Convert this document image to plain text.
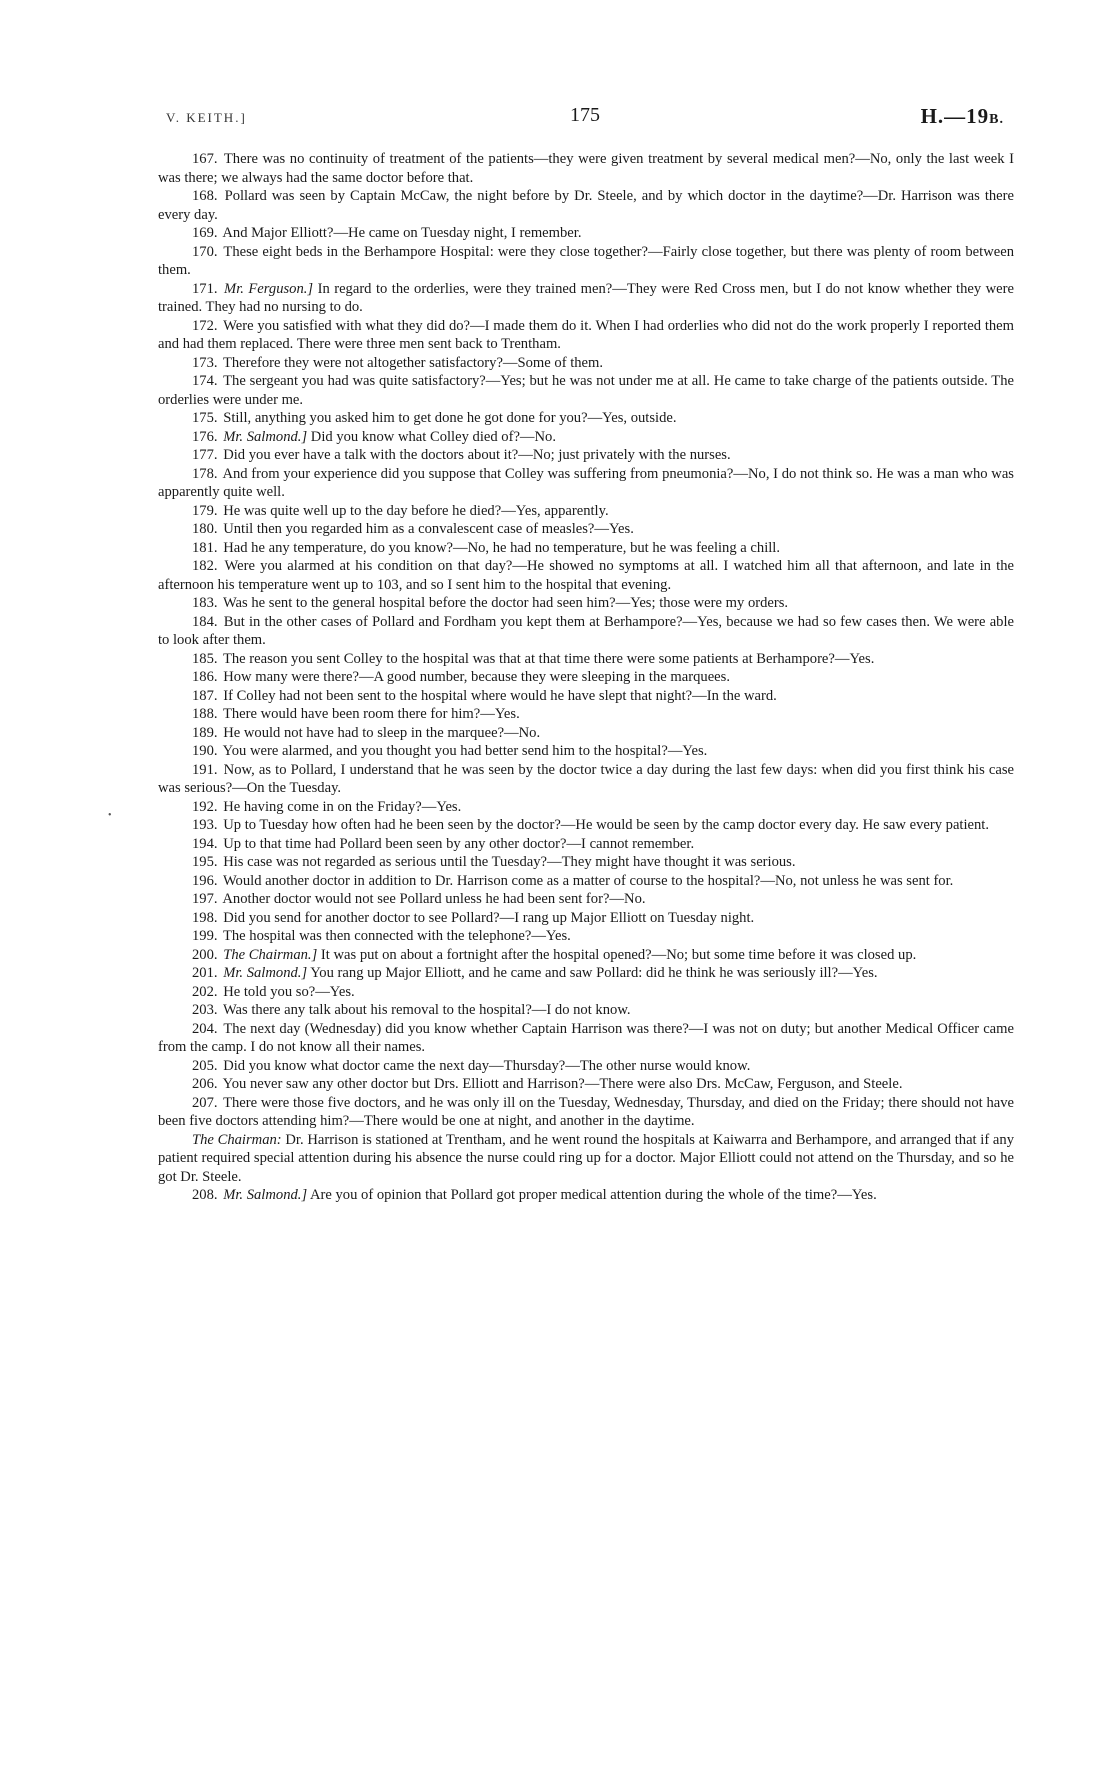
V. KEITH.]	175	H.—19B.
•

167. There was no continuity of treatment of the patients—they were given treatment by several medical men?—No, only the last week I was there; we always had the same doctor before that.

168. Pollard was seen by Captain McCaw, the night before by Dr. Steele, and by which doctor in the daytime?—Dr. Harrison was there every day.

169. And Major Elliott?—He came on Tuesday night, I remember.

170. These eight beds in the Berhampore Hospital: were they close together?—Fairly close together, but there was plenty of room between them.

171. Mr. Ferguson.] In regard to the orderlies, were they trained men?—They were Red Cross men, but I do not know whether they were trained. They had no nursing to do.

172. Were you satisfied with what they did do?—I made them do it. When I had orderlies who did not do the work properly I reported them and had them replaced. There were three men sent back to Trentham.

173. Therefore they were not altogether satisfactory?—Some of them.

174. The sergeant you had was quite satisfactory?—Yes; but he was not under me at all. He came to take charge of the patients outside. The orderlies were under me.

175. Still, anything you asked him to get done he got done for you?—Yes, outside.

176. Mr. Salmond.] Did you know what Colley died of?—No.

177. Did you ever have a talk with the doctors about it?—No; just privately with the nurses.

178. And from your experience did you suppose that Colley was suffering from pneumonia?—No, I do not think so. He was a man who was apparently quite well.

179. He was quite well up to the day before he died?—Yes, apparently.

180. Until then you regarded him as a convalescent case of measles?—Yes.

181. Had he any temperature, do you know?—No, he had no temperature, but he was feeling a chill.

182. Were you alarmed at his condition on that day?—He showed no symptoms at all. I watched him all that afternoon, and late in the afternoon his temperature went up to 103, and so I sent him to the hospital that evening.

183. Was he sent to the general hospital before the doctor had seen him?—Yes; those were my orders.

184. But in the other cases of Pollard and Fordham you kept them at Berhampore?—Yes, because we had so few cases then. We were able to look after them.

185. The reason you sent Colley to the hospital was that at that time there were some patients at Berhampore?—Yes.

186. How many were there?—A good number, because they were sleeping in the marquees.

187. If Colley had not been sent to the hospital where would he have slept that night?—In the ward.

188. There would have been room there for him?—Yes.

189. He would not have had to sleep in the marquee?—No.

190. You were alarmed, and you thought you had better send him to the hospital?—Yes.

191. Now, as to Pollard, I understand that he was seen by the doctor twice a day during the last few days: when did you first think his case was serious?—On the Tuesday.

192. He having come in on the Friday?—Yes.

193. Up to Tuesday how often had he been seen by the doctor?—He would be seen by the camp doctor every day. He saw every patient.

194. Up to that time had Pollard been seen by any other doctor?—I cannot remember.

195. His case was not regarded as serious until the Tuesday?—They might have thought it was serious.

196. Would another doctor in addition to Dr. Harrison come as a matter of course to the hospital?—No, not unless he was sent for.

197. Another doctor would not see Pollard unless he had been sent for?—No.

198. Did you send for another doctor to see Pollard?—I rang up Major Elliott on Tuesday night.

199. The hospital was then connected with the telephone?—Yes.

200. The Chairman.] It was put on about a fortnight after the hospital opened?—No; but some time before it was closed up.

201. Mr. Salmond.] You rang up Major Elliott, and he came and saw Pollard: did he think he was seriously ill?—Yes.

202. He told you so?—Yes.

203. Was there any talk about his removal to the hospital?—I do not know.

204. The next day (Wednesday) did you know whether Captain Harrison was there?—I was not on duty; but another Medical Officer came from the camp. I do not know all their names.

205. Did you know what doctor came the next day—Thursday?—The other nurse would know.

206. You never saw any other doctor but Drs. Elliott and Harrison?—There were also Drs. McCaw, Ferguson, and Steele.

207. There were those five doctors, and he was only ill on the Tuesday, Wednesday, Thursday, and died on the Friday; there should not have been five doctors attending him?—There would be one at night, and another in the daytime.

The Chairman: Dr. Harrison is stationed at Trentham, and he went round the hospitals at Kaiwarra and Berhampore, and arranged that if any patient required special attention during his absence the nurse could ring up for a doctor. Major Elliott could not attend on the Thursday, and so he got Dr. Steele.

208. Mr. Salmond.] Are you of opinion that Pollard got proper medical attention during the whole of the time?—Yes.
